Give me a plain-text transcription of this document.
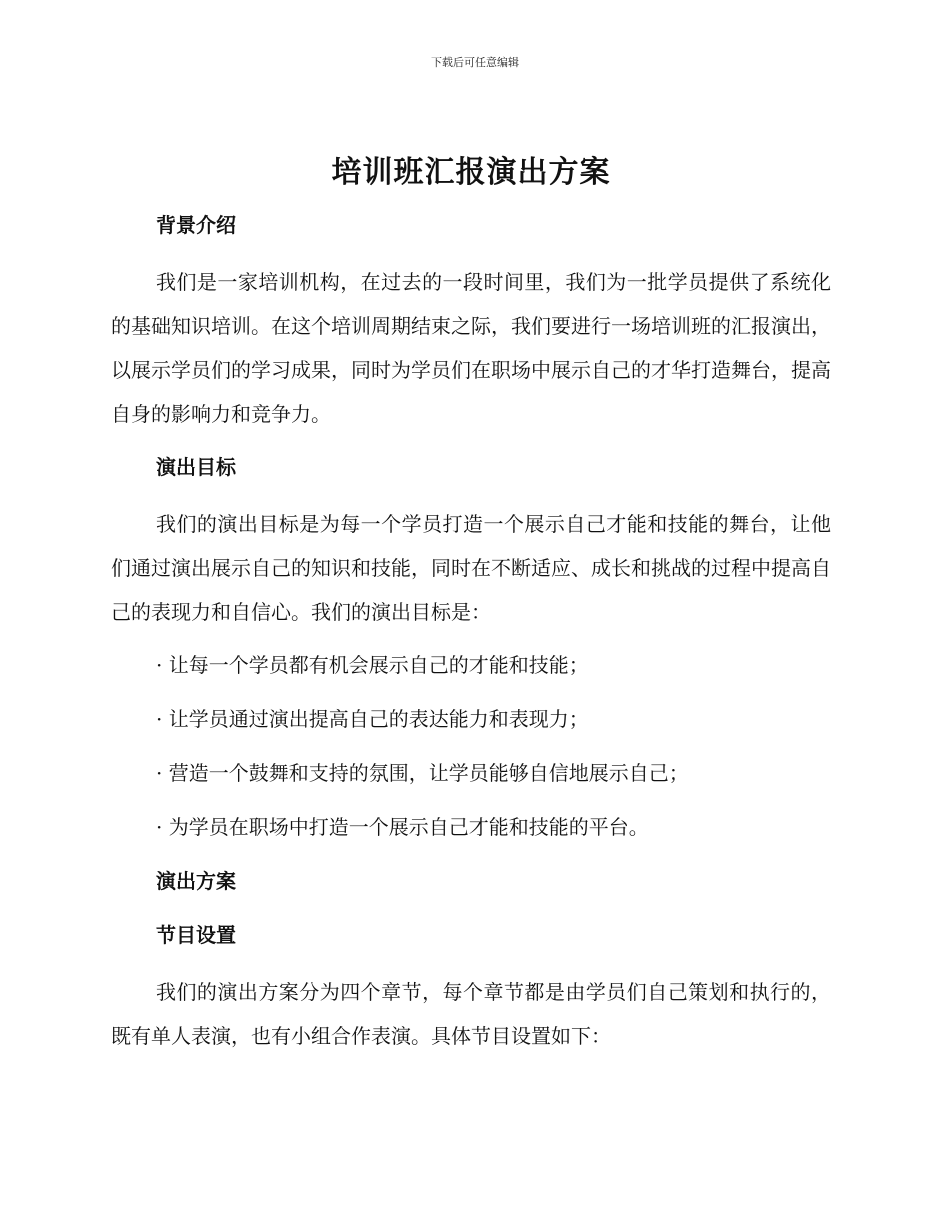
下载后可任意编辑
培训班汇报演出方案
背景介绍

我们是一家培训机构，在过去的一段时间里，我们为一批学员提供了系统化的基础知识培训。在这个培训周期结束之际，我们要进行一场培训班的汇报演出，以展示学员们的学习成果，同时为学员们在职场中展示自己的才华打造舞台，提高自身的影响力和竞争力。

演出目标

我们的演出目标是为每一个学员打造一个展示自己才能和技能的舞台，让他们通过演出展示自己的知识和技能，同时在不断适应、成长和挑战的过程中提高自己的表现力和自信心。我们的演出目标是：

· 让每一个学员都有机会展示自己的才能和技能；

· 让学员通过演出提高自己的表达能力和表现力；

· 营造一个鼓舞和支持的氛围，让学员能够自信地展示自己；

· 为学员在职场中打造一个展示自己才能和技能的平台。

演出方案
节目设置

我们的演出方案分为四个章节，每个章节都是由学员们自己策划和执行的，既有单人表演，也有小组合作表演。具体节目设置如下：
